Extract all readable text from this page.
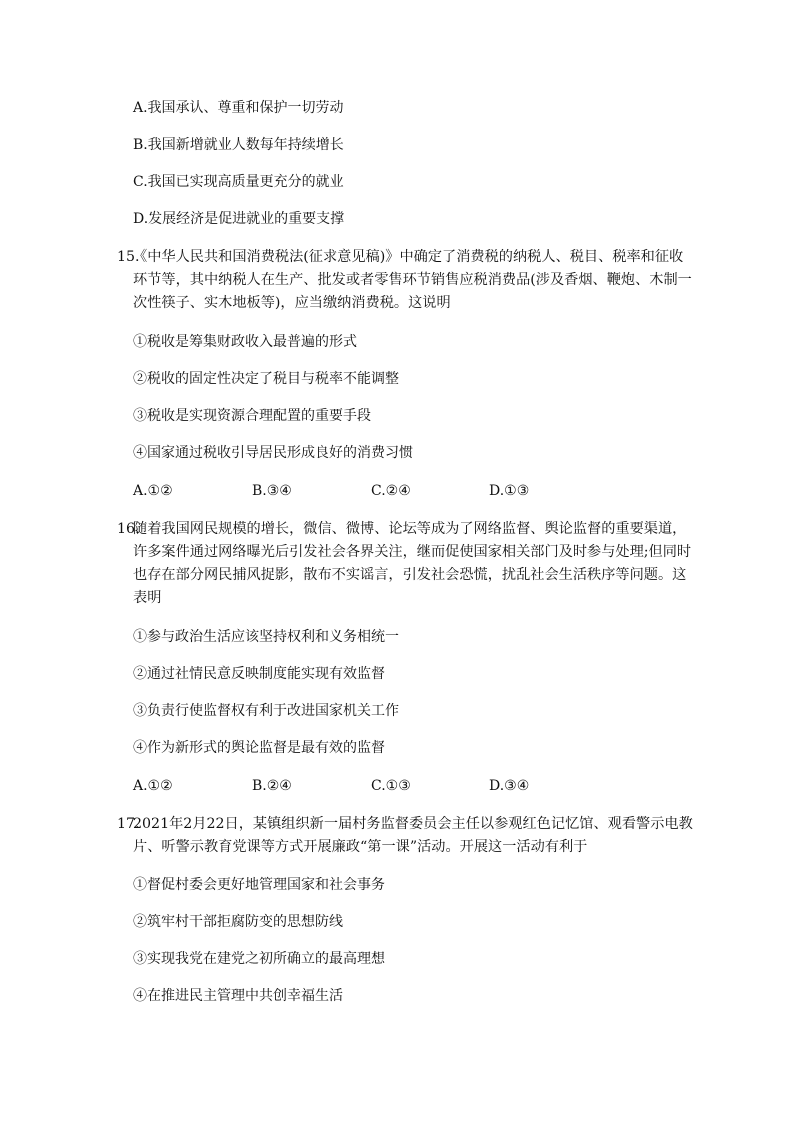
A.我国承认、尊重和保护一切劳动
B.我国新增就业人数每年持续增长
C.我国已实现高质量更充分的就业
D.发展经济是促进就业的重要支撑
15.
《中华人民共和国消费税法(征求意见稿)》中确定了消费税的纳税人、税目、税率和征收环节等，其中纳税人在生产、批发或者零售环节销售应税消费品(涉及香烟、鞭炮、木制一次性筷子、实木地板等)，应当缴纳消费税。这说明
①税收是筹集财政收入最普遍的形式
②税收的固定性决定了税目与税率不能调整
③税收是实现资源合理配置的重要手段
④国家通过税收引导居民形成良好的消费习惯
A.①②	B.③④	C.②④	D.①③
16.
随着我国网民规模的增长，微信、微博、论坛等成为了网络监督、舆论监督的重要渠道，许多案件通过网络曝光后引发社会各界关注，继而促使国家相关部门及时参与处理;但同时也存在部分网民捕风捉影，散布不实谣言，引发社会恐慌，扰乱社会生活秩序等问题。这表明
①参与政治生活应该坚持权利和义务相统一
②通过社情民意反映制度能实现有效监督
③负责行使监督权有利于改进国家机关工作
④作为新形式的舆论监督是最有效的监督
A.①②	B.②④	C.①③	D.③④
17.
2021年2月22日，某镇组织新一届村务监督委员会主任以参观红色记忆馆、观看警示电教片、听警示教育党课等方式开展廉政“第一课”活动。开展这一活动有利于
①督促村委会更好地管理国家和社会事务
②筑牢村干部拒腐防变的思想防线
③实现我党在建党之初所确立的最高理想
④在推进民主管理中共创幸福生活
